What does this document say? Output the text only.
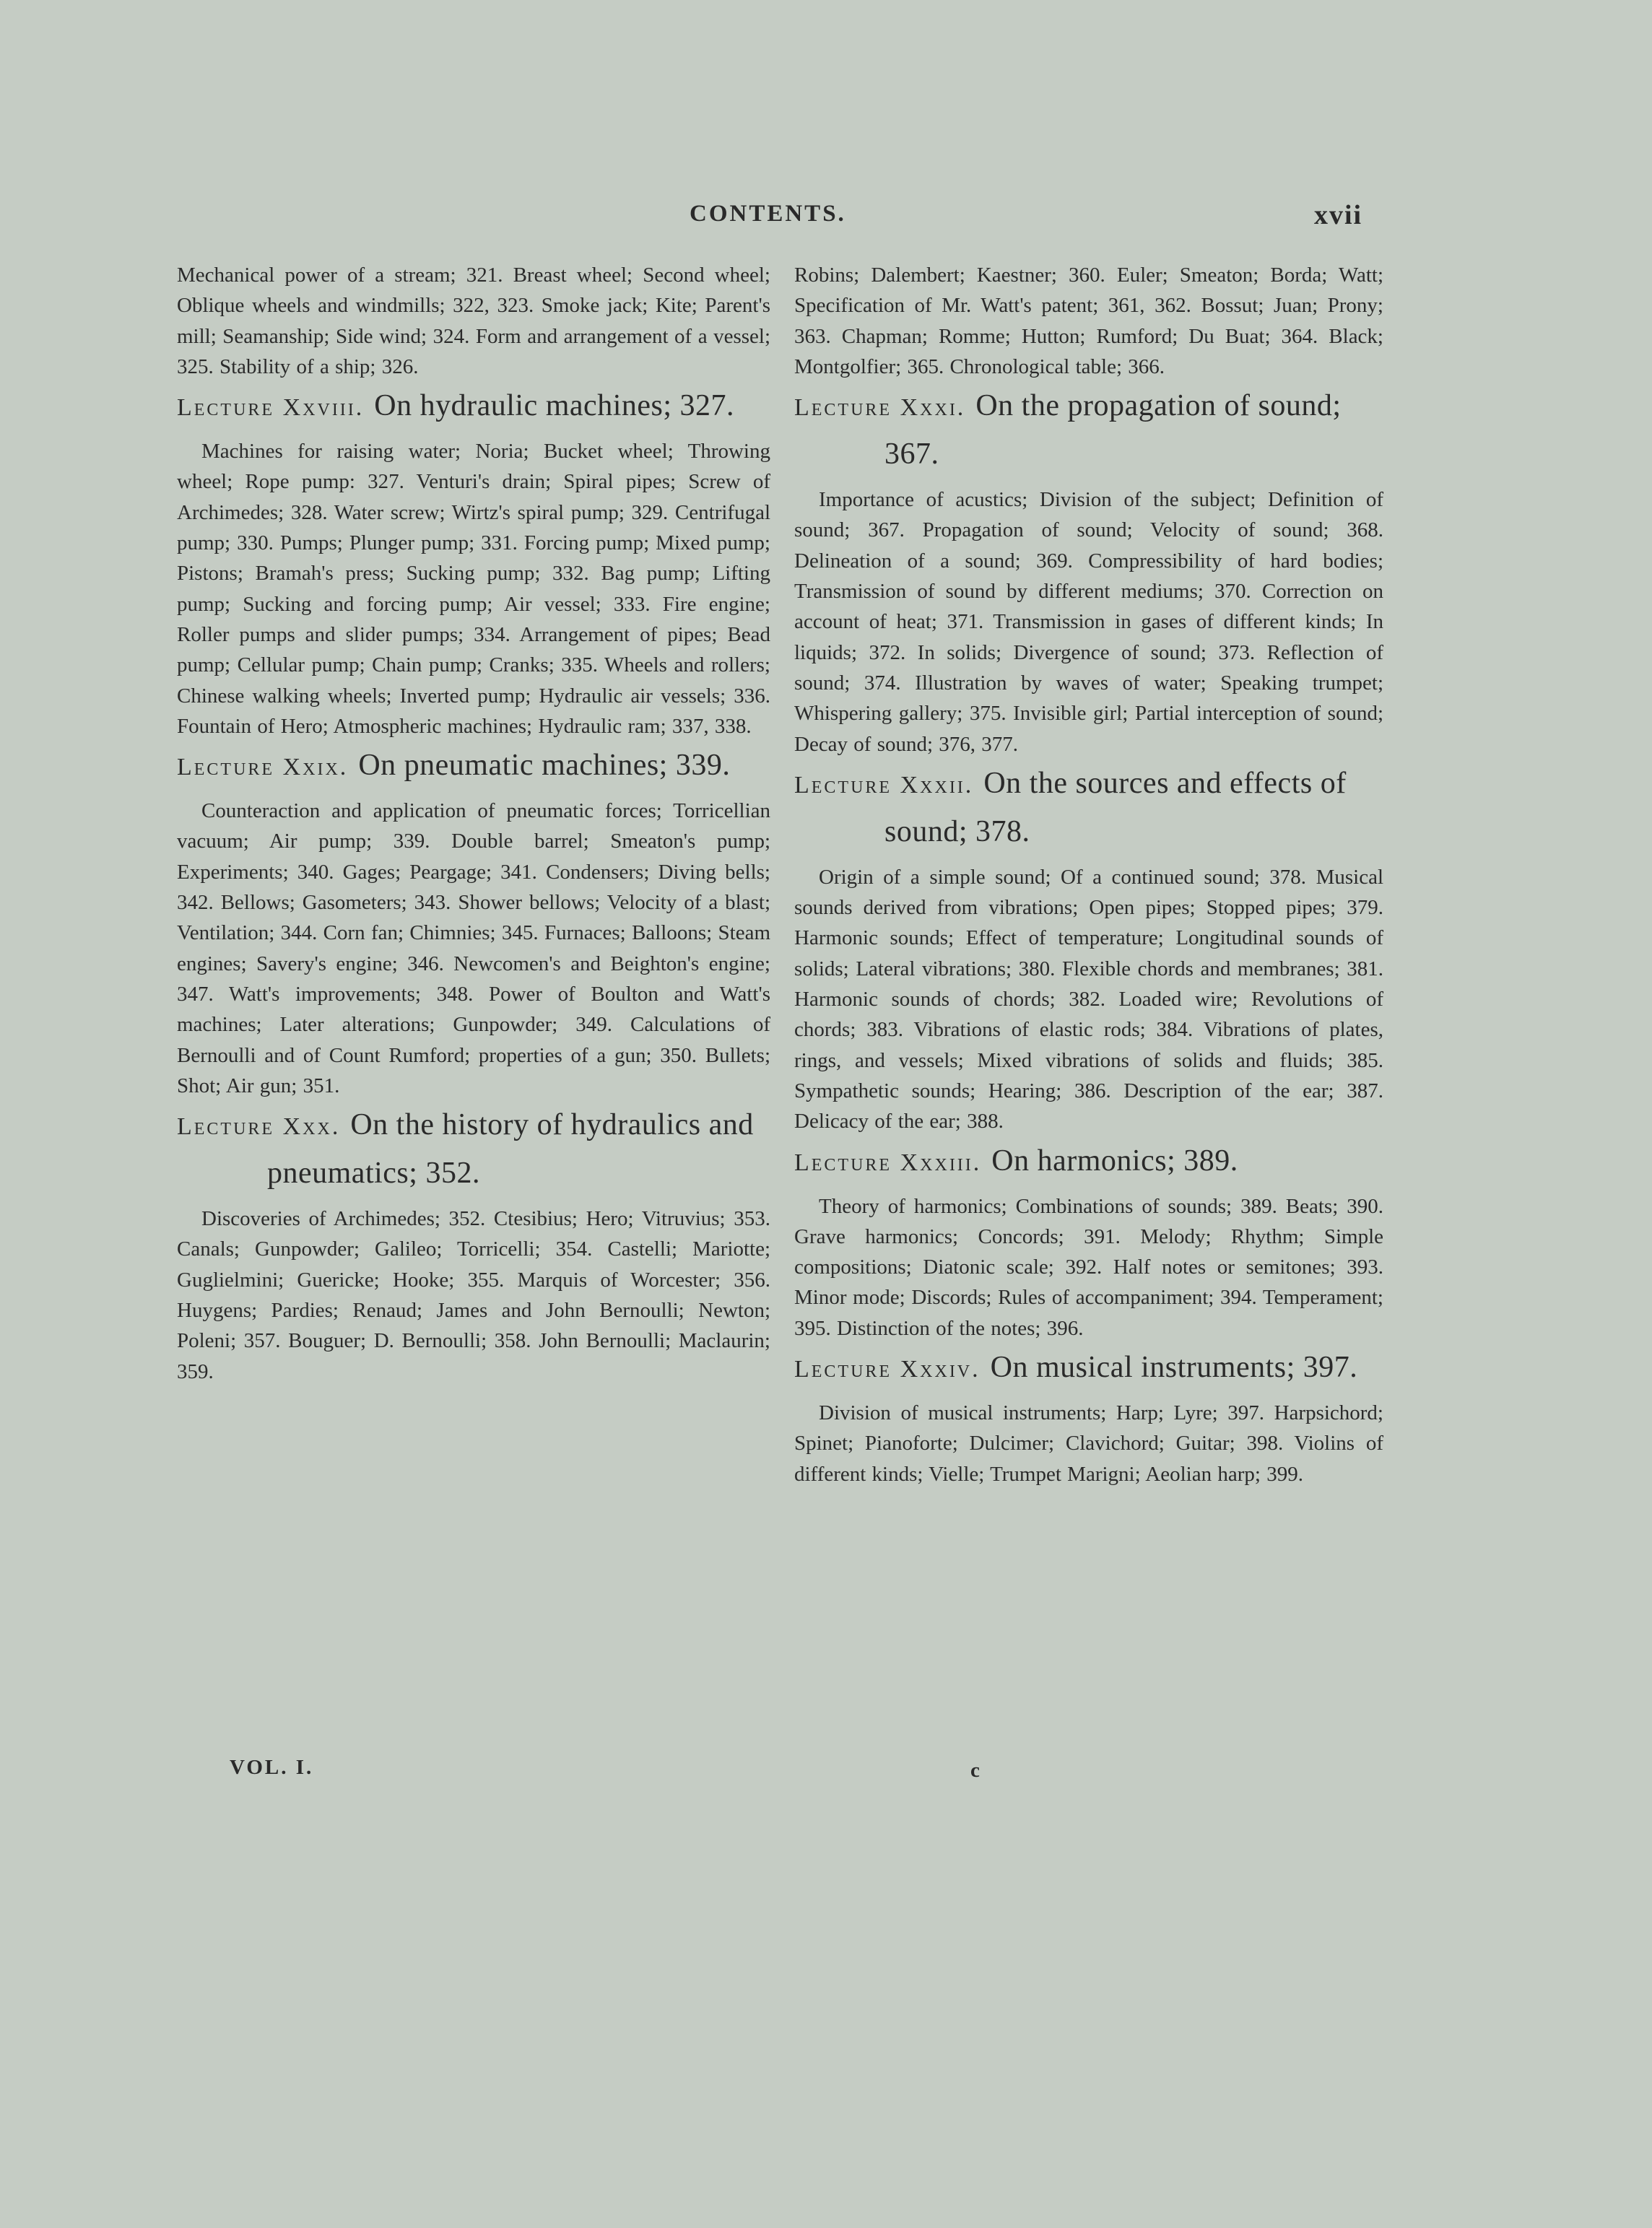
CONTENTS.	xvii

Mechanical power of a stream; 321. Breast wheel; Second wheel; Oblique wheels and windmills; 322, 323. Smoke jack; Kite; Parent's mill; Seamanship; Side wind; 324. Form and arrangement of a vessel; 325. Stability of a ship; 326.

Lecture Xxviii. On hydraulic machines; 327.

Machines for raising water; Noria; Bucket wheel; Throwing wheel; Rope pump: 327. Venturi's drain; Spiral pipes; Screw of Archimedes; 328. Water screw; Wirtz's spiral pump; 329. Centrifugal pump; 330. Pumps; Plunger pump; 331. Forcing pump; Mixed pump; Pistons; Bramah's press; Sucking pump; 332. Bag pump; Lifting pump; Sucking and forcing pump; Air vessel; 333. Fire engine; Roller pumps and slider pumps; 334. Arrangement of pipes; Bead pump; Cellular pump; Chain pump; Cranks; 335. Wheels and rollers; Chinese walking wheels; Inverted pump; Hydraulic air vessels; 336. Fountain of Hero; Atmospheric machines; Hydraulic ram; 337, 338.

Lecture Xxix. On pneumatic machines; 339.

Counteraction and application of pneumatic forces; Torricellian vacuum; Air pump; 339. Double barrel; Smeaton's pump; Experiments; 340. Gages; Peargage; 341. Condensers; Diving bells; 342. Bellows; Gasometers; 343. Shower bellows; Velocity of a blast; Ventilation; 344. Corn fan; Chimnies; 345. Furnaces; Balloons; Steam engines; Savery's engine; 346. Newcomen's and Beighton's engine; 347. Watt's improvements; 348. Power of Boulton and Watt's machines; Later alterations; Gunpowder; 349. Calculations of Bernoulli and of Count Rumford; properties of a gun; 350. Bullets; Shot; Air gun; 351.

Lecture Xxx. On the history of hydraulics and pneumatics; 352.

Discoveries of Archimedes; 352. Ctesibius; Hero; Vitruvius; 353. Canals; Gunpowder; Galileo; Torricelli; 354. Castelli; Mariotte; Guglielmini; Guericke; Hooke; 355. Marquis of Worcester; 356. Huygens; Pardies; Renaud; James and John Bernoulli; Newton; Poleni; 357. Bouguer; D. Bernoulli; 358. John Bernoulli; Maclaurin; 359.

Robins; Dalembert; Kaestner; 360. Euler; Smeaton; Borda; Watt; Specification of Mr. Watt's patent; 361, 362. Bossut; Juan; Prony; 363. Chapman; Romme; Hutton; Rumford; Du Buat; 364. Black; Montgolfier; 365. Chronological table; 366.

Lecture Xxxi. On the propagation of sound; 367.

Importance of acustics; Division of the subject; Definition of sound; 367. Propagation of sound; Velocity of sound; 368. Delineation of a sound; 369. Compressibility of hard bodies; Transmission of sound by different mediums; 370. Correction on account of heat; 371. Transmission in gases of different kinds; In liquids; 372. In solids; Divergence of sound; 373. Reflection of sound; 374. Illustration by waves of water; Speaking trumpet; Whispering gallery; 375. Invisible girl; Partial interception of sound; Decay of sound; 376, 377.

Lecture Xxxii. On the sources and effects of sound; 378.

Origin of a simple sound; Of a continued sound; 378. Musical sounds derived from vibrations; Open pipes; Stopped pipes; 379. Harmonic sounds; Effect of temperature; Longitudinal sounds of solids; Lateral vibrations; 380. Flexible chords and membranes; 381. Harmonic sounds of chords; 382. Loaded wire; Revolutions of chords; 383. Vibrations of elastic rods; 384. Vibrations of plates, rings, and vessels; Mixed vibrations of solids and fluids; 385. Sympathetic sounds; Hearing; 386. Description of the ear; 387. Delicacy of the ear; 388.

Lecture Xxxiii. On harmonics; 389.

Theory of harmonics; Combinations of sounds; 389. Beats; 390. Grave harmonics; Concords; 391. Melody; Rhythm; Simple compositions; Diatonic scale; 392. Half notes or semitones; 393. Minor mode; Discords; Rules of accompaniment; 394. Temperament; 395. Distinction of the notes; 396.

Lecture Xxxiv. On musical instruments; 397.

Division of musical instruments; Harp; Lyre; 397. Harpsichord; Spinet; Pianoforte; Dulcimer; Clavichord; Guitar; 398. Violins of different kinds; Vielle; Trumpet Marigni; Aeolian harp; 399.

VOL. I.	c
